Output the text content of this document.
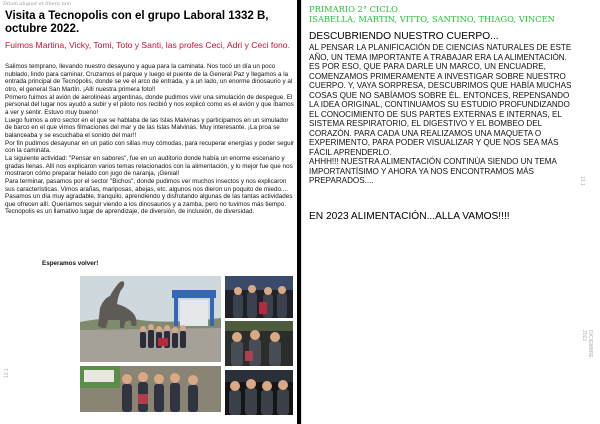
Dilam aliquot et libera non
13.1
Visita a Tecnopolis con el grupo Laboral 1332 B, octubre 2022.
Fuimos Martina, Vicky, Tomi, Toto y Santi, las profes Ceci, Adri y Ceci fono.
Salimos temprano, llevando nuestro desayuno y agua para la caminata. Nos tocó un día un poco nublado, lindo para caminar. Cruzamos el parque y luego el puente de la General Paz y llegamos a la entrada principal de Tecnópolis, donde se ve el arco de entrada, y a un lado, un enorme dinosaurio y al otro, el general San Martín. ¡Allí nuestra primera foto!!
Primero fuimos al avión de aerolíneas argentinas, donde pudimos vivir una simulación de despegue. El personal del lugar nos ayudó a subir y el piloto nos recibió y nos explicó como es el avión y que íbamos a ver y sentir. Estuvo muy bueno!
Luego fuimos a otro sector en el que se hablaba de las Islas Malvinas y participamos en un simulador de barco en el que vimos filmaciones del mar y de las Islas Malvinas. Muy interesante. ¡La proa se balanceaba y se escuchaba el sonido del mar!!
Por fin pudimos desayunar en un patio con sillas muy cómodas, para recuperar energías y poder seguir con la caminata.
La siguiente actividad: "Pensar en sabores", fue en un auditorio donde había un enorme escenario y gradas llenas. Allí nos explicaron varios temas relacionados con la alimentación, y lo mejor fue que nos mostraron cómo preparar helado con jugo de naranja, ¡Genial!
Para terminar, pasamos por el sector "Bichos", donde pudimos ver muchos insectos y nos explicaron sus características. Vimos arañas, mariposas, abejas, etc. algunos nos dieron un poquito de miedo....
Pasamos un día muy agradable, tranquilo, aprendiendo y disfrutando algunas de las tantas actividades que ofrecen allí. Queríamos seguir viendo a los dinosaurios y a zamba, pero no tuvimos más tiempo.
Tecnopolis es un llamativo lugar de aprendizaje, de diversión, de inclusión, de diversidad.
Esperamos volver!
PRIMARIO 2° CICLO
ISABELLA, MARTIN, VITTO, SANTINO, THIAGO, VINCEN
DESCUBRIENDO NUESTRO CUERPO...
AL PENSAR LA PLANIFICACIÓN DE CIENCIAS NATURALES DE ESTE AÑO, UN TEMA IMPORTANTE A TRABAJAR ERA LA ALIMENTACIÓN. ES POR ESO, QUE PARA DARLE UN MARCO, UN ENCUADRE, COMENZAMOS PRIMERAMENTE A INVESTIGAR SOBRE NUESTRO CUERPO. Y, VAYA SORPRESA, DESCUBRIMOS QUE HABÍA MUCHAS COSAS QUE NO SABÍAMOS SOBRE ÉL. ENTONCES, REPENSANDO LA IDEA ORIGINAL, CONTINUAMOS SU ESTUDIO PROFUNDIZANDO EL CONOCIMIENTO DE SUS PARTES EXTERNAS E INTERNAS, EL SISTEMA RESPIRATORIO, EL DIGESTIVO Y EL BOMBEO DEL CORAZÓN. PARA CADA UNA REALIZAMOS UNA MAQUETA O EXPERIMENTO, PARA PODER VISUALIZAR Y QUE NOS SEA MÁS FÁCIL APRENDERLO.
AHHH!!! NUESTRA ALIMENTACIÓN CONTINÚA SIENDO UN TEMA IMPORTANTÍSIMO Y AHORA YA NOS ENCONTRAMOS MÁS PREPARADOS....
EN 2023 ALIMENTACIÓN...ALLA VAMOS!!!!
13 1
DICIEMBRE 2022
